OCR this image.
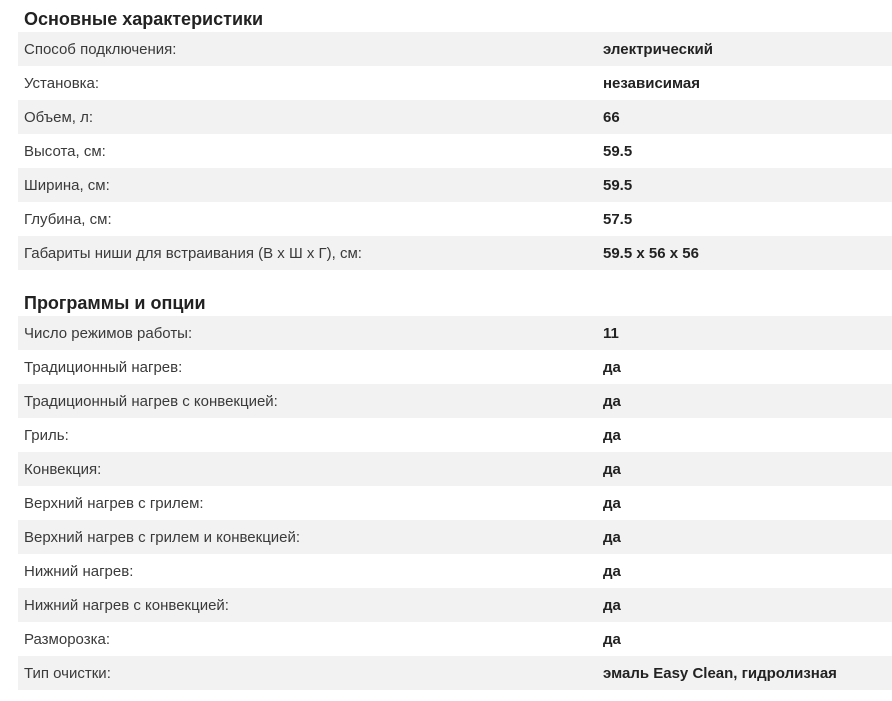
Основные характеристики
Способ подключения:	электрический
Установка:	независимая
Объем, л:	66
Высота, см:	59.5
Ширина, см:	59.5
Глубина, см:	57.5
Габариты ниши для встраивания (В х Ш х Г), см:	59.5 х 56 х 56
Программы и опции
Число режимов работы:	11
Традиционный нагрев:	да
Традиционный нагрев с конвекцией:	да
Гриль:	да
Конвекция:	да
Верхний нагрев с грилем:	да
Верхний нагрев с грилем и конвекцией:	да
Нижний нагрев:	да
Нижний нагрев с конвекцией:	да
Разморозка:	да
Тип очистки:	эмаль Easy Clean, гидролизная
